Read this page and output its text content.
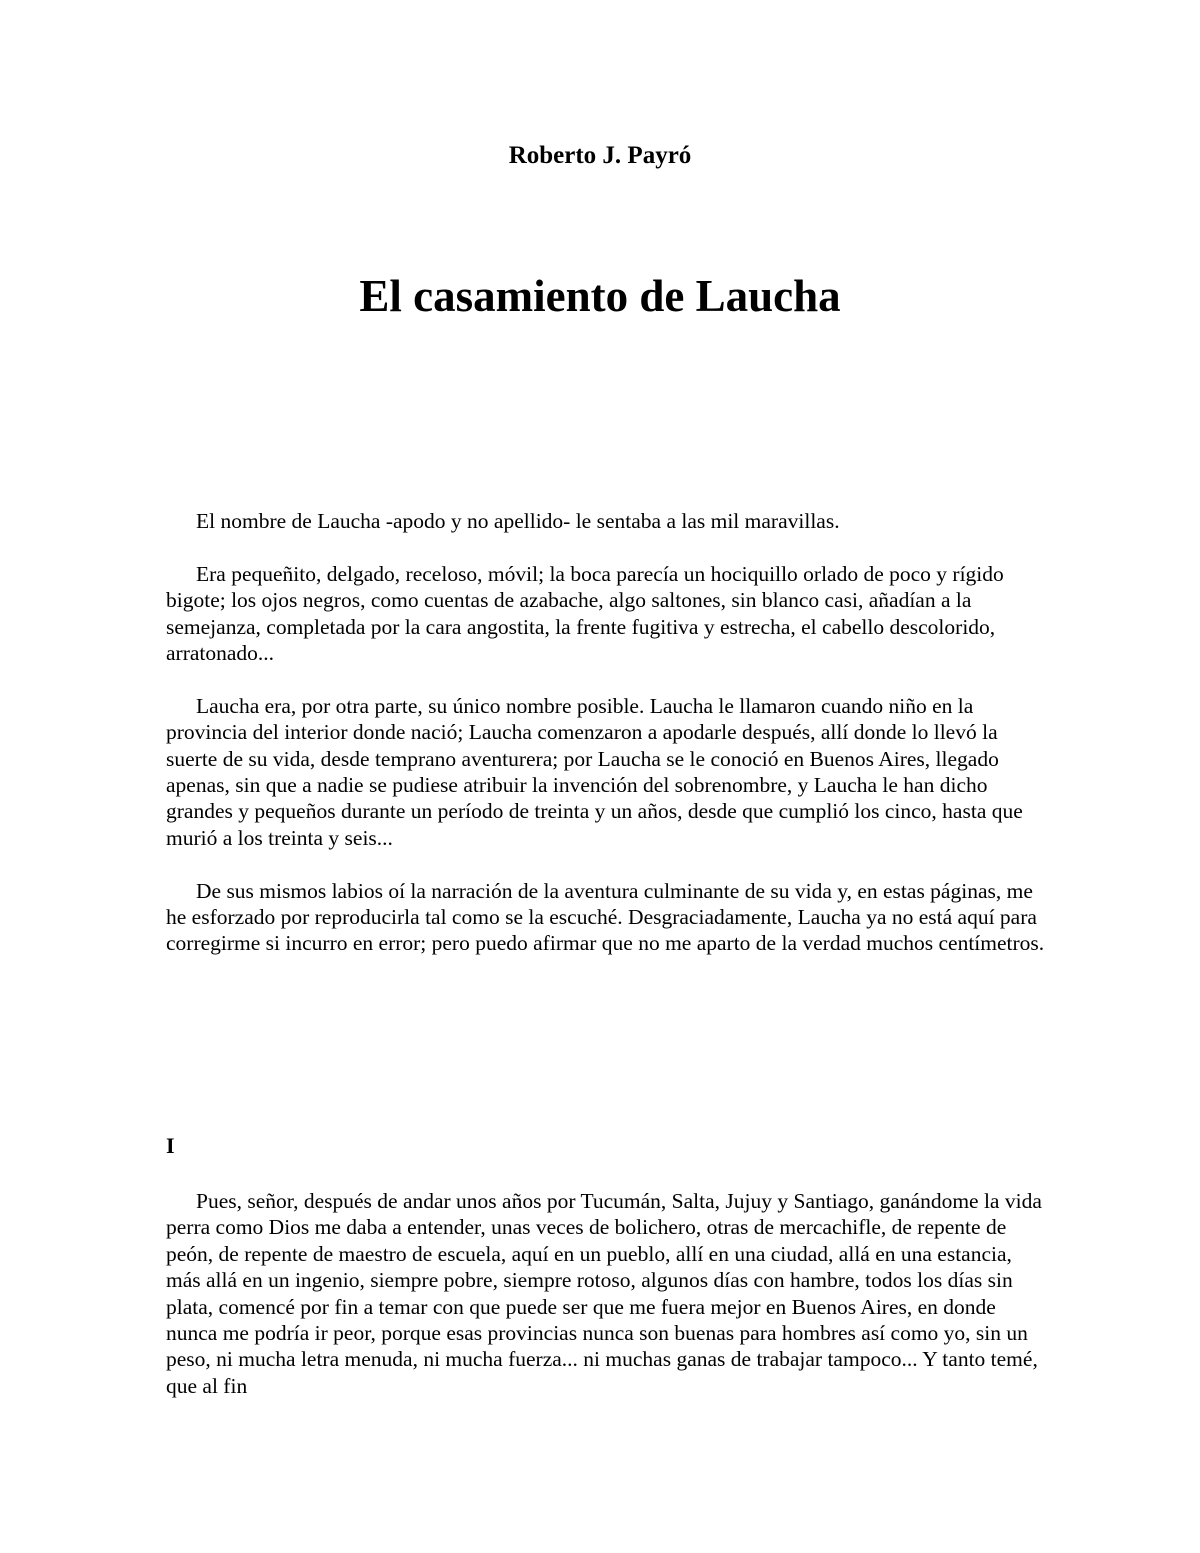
Roberto J. Payró
El casamiento de Laucha

El nombre de Laucha -apodo y no apellido- le sentaba a las mil maravillas.

Era pequeñito, delgado, receloso, móvil; la boca parecía un hociquillo orlado de poco y rígido bigote; los ojos negros, como cuentas de azabache, algo saltones, sin blanco casi, añadían a la semejanza, completada por la cara angostita, la frente fugitiva y estrecha, el cabello descolorido, arratonado...

Laucha era, por otra parte, su único nombre posible. Laucha le llamaron cuando niño en la provincia del interior donde nació; Laucha comenzaron a apodarle después, allí donde lo llevó la suerte de su vida, desde temprano aventurera; por Laucha se le conoció en Buenos Aires, llegado apenas, sin que a nadie se pudiese atribuir la invención del sobrenombre, y Laucha le han dicho grandes y pequeños durante un período de treinta y un años, desde que cumplió los cinco, hasta que murió a los treinta y seis...

De sus mismos labios oí la narración de la aventura culminante de su vida y, en estas páginas, me he esforzado por reproducirla tal como se la escuché. Desgraciadamente, Laucha ya no está aquí para corregirme si incurro en error; pero puedo afirmar que no me aparto de la verdad muchos centímetros.

I

Pues, señor, después de andar unos años por Tucumán, Salta, Jujuy y Santiago, ganándome la vida perra como Dios me daba a entender, unas veces de bolichero, otras de mercachifle, de repente de peón, de repente de maestro de escuela, aquí en un pueblo, allí en una ciudad, allá en una estancia, más allá en un ingenio, siempre pobre, siempre rotoso, algunos días con hambre, todos los días sin plata, comencé por fin a temar con que puede ser que me fuera mejor en Buenos Aires, en donde nunca me podría ir peor, porque esas provincias nunca son buenas para hombres así como yo, sin un peso, ni mucha letra menuda, ni mucha fuerza... ni muchas ganas de trabajar tampoco... Y tanto temé, que al fin
